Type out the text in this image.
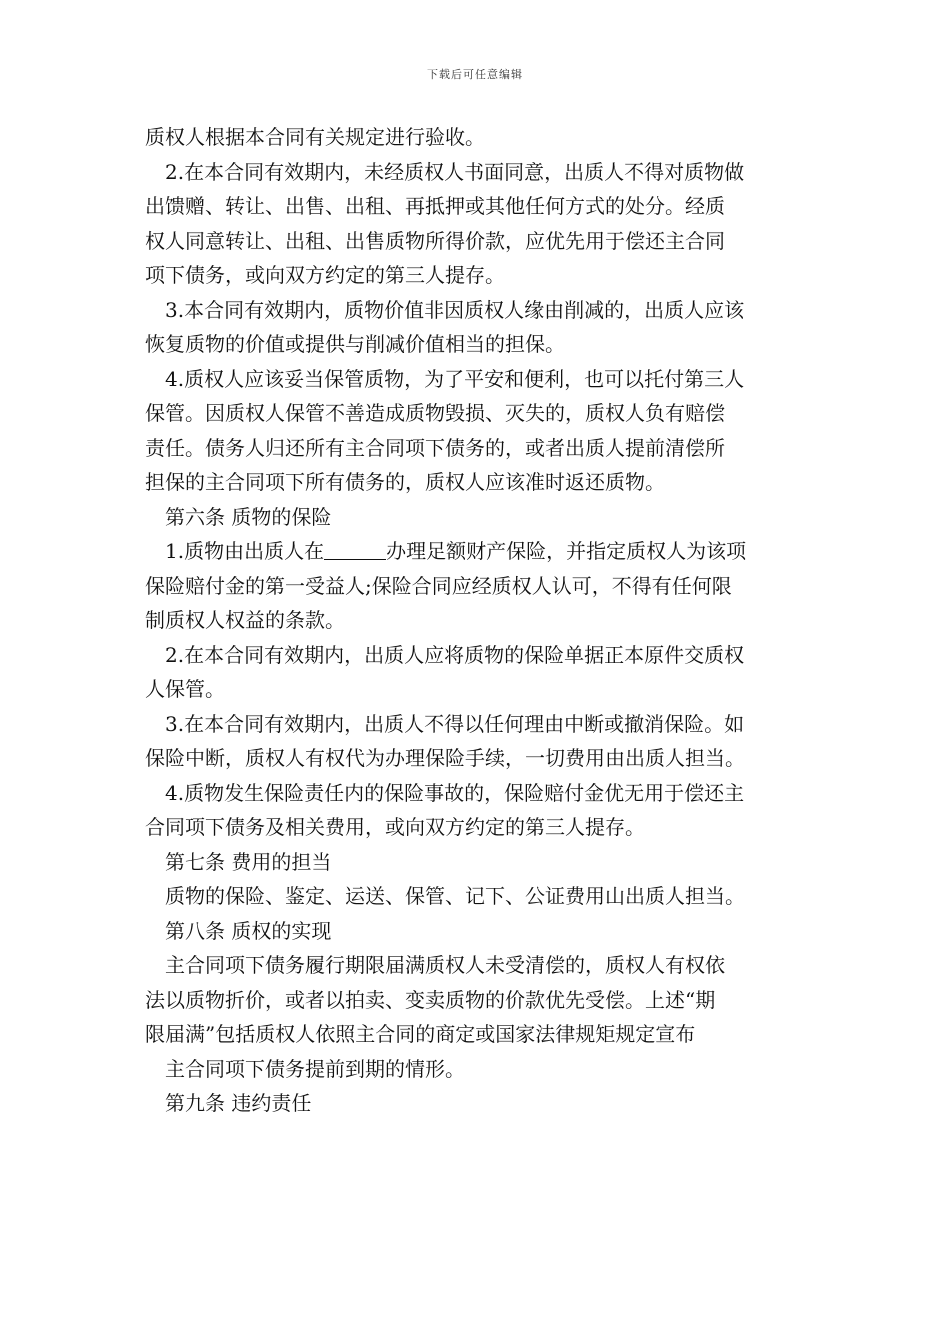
下载后可任意编辑
质权人根据本合同有关规定进行验收。
2.在本合同有效期内，未经质权人书面同意，出质人不得对质物做
出馈赠、转让、出售、出租、再抵押或其他任何方式的处分。经质
权人同意转让、出租、出售质物所得价款，应优先用于偿还主合同
项下债务，或向双方约定的第三人提存。
3.本合同有效期内，质物价值非因质权人缘由削减的，出质人应该
恢复质物的价值或提供与削减价值相当的担保。
4.质权人应该妥当保管质物，为了平安和便利，也可以托付第三人
保管。因质权人保管不善造成质物毁损、灭失的，质权人负有赔偿
责任。债务人归还所有主合同项下债务的，或者出质人提前清偿所
担保的主合同项下所有债务的，质权人应该准时返还质物。
第六条 质物的保险
1.质物由出质人在	办理足额财产保险，并指定质权人为该项
保险赔付金的第一受益人;保险合同应经质权人认可，不得有任何限
制质权人权益的条款。
2.在本合同有效期内，出质人应将质物的保险单据正本原件交质权
人保管。
3.在本合同有效期内，出质人不得以任何理由中断或撤消保险。如
保险中断，质权人有权代为办理保险手续，一切费用由出质人担当。
4.质物发生保险责任内的保险事故的，保险赔付金优无用于偿还主
合同项下债务及相关费用，或向双方约定的第三人提存。
第七条 费用的担当
质物的保险、鉴定、运送、保管、记下、公证费用山出质人担当。
第八条 质权的实现
主合同项下债务履行期限届满质权人未受清偿的，质权人有权依
法以质物折价，或者以拍卖、变卖质物的价款优先受偿。上述“期
限届满”包括质权人依照主合同的商定或国家法律规矩规定宣布
主合同项下债务提前到期的情形。
第九条 违约责任
